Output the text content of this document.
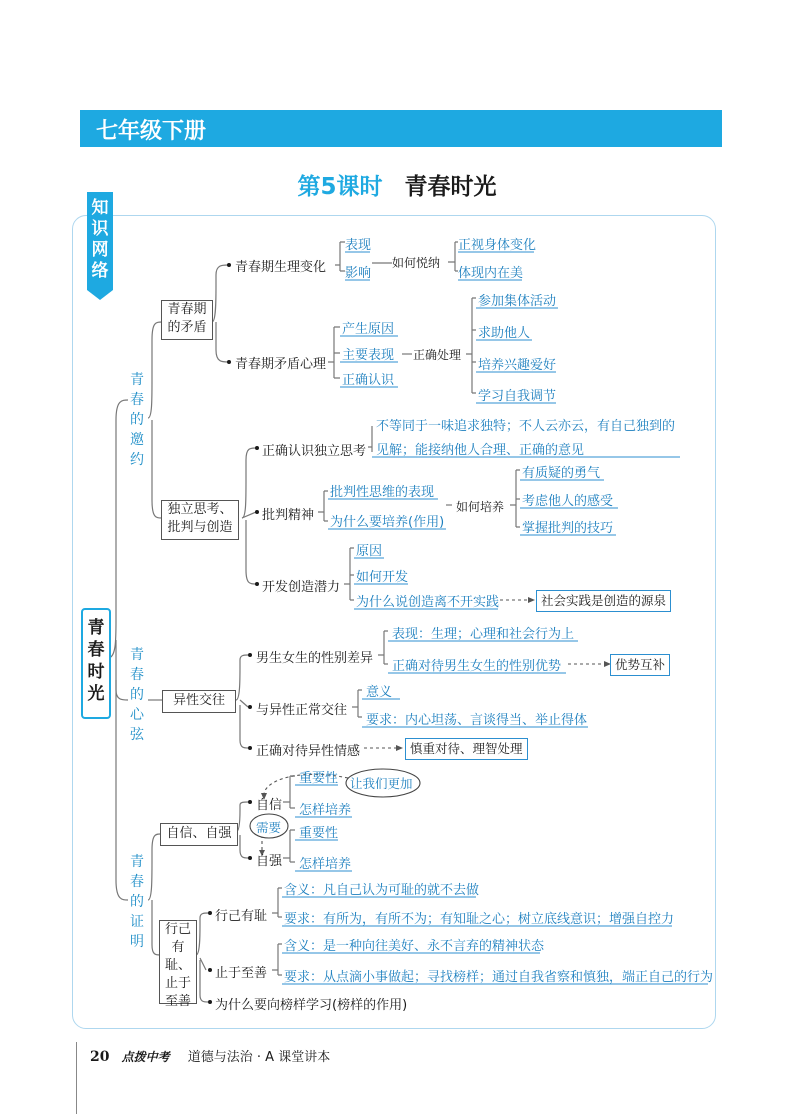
七年级下册
第5课时 青春时光
知
识
网
络
青
春
时
光
青
春
的
邀
约
青
春
的
心
弦
青
春
的
证
明
青春期
的矛盾
青春期生理变化
表现
影响
如何悦纳
正视身体变化
体现内在美
青春期矛盾心理
产生原因
主要表现
正确认识
正确处理
参加集体活动
求助他人
培养兴趣爱好
学习自我调节
独立思考、
批判与创造
正确认识独立思考
不等同于一味追求独特；不人云亦云，有自己独到的
见解；能接纳他人合理、正确的意见
批判精神
批判性思维的表现
为什么要培养(作用)
如何培养
有质疑的勇气
考虑他人的感受
掌握批判的技巧
开发创造潜力
原因
如何开发
为什么说创造离不开实践	社会实践是创造的源泉
异性交往
男生女生的性别差异
表现：生理；心理和社会行为上
正确对待男生女生的性别优势	优势互补
与异性正常交往
意义
要求：内心坦荡、言谈得当、举止得体
正确对待异性情感	慎重对待、理智处理
自信、自强
自信
重要性
怎样培养
让我们更加
需要
自强
重要性
怎样培养
行己
有耻、
止于
至善
行己有耻
含义：凡自己认为可耻的就不去做
要求：有所为，有所不为；有知耻之心；树立底线意识；增强自控力
止于至善
含义：是一种向往美好、永不言弃的精神状态
要求：从点滴小事做起；寻找榜样；通过自我省察和慎独，端正自己的行为
为什么要向榜样学习(榜样的作用)
20 点拨中考 道德与法治 · A 课堂讲本
